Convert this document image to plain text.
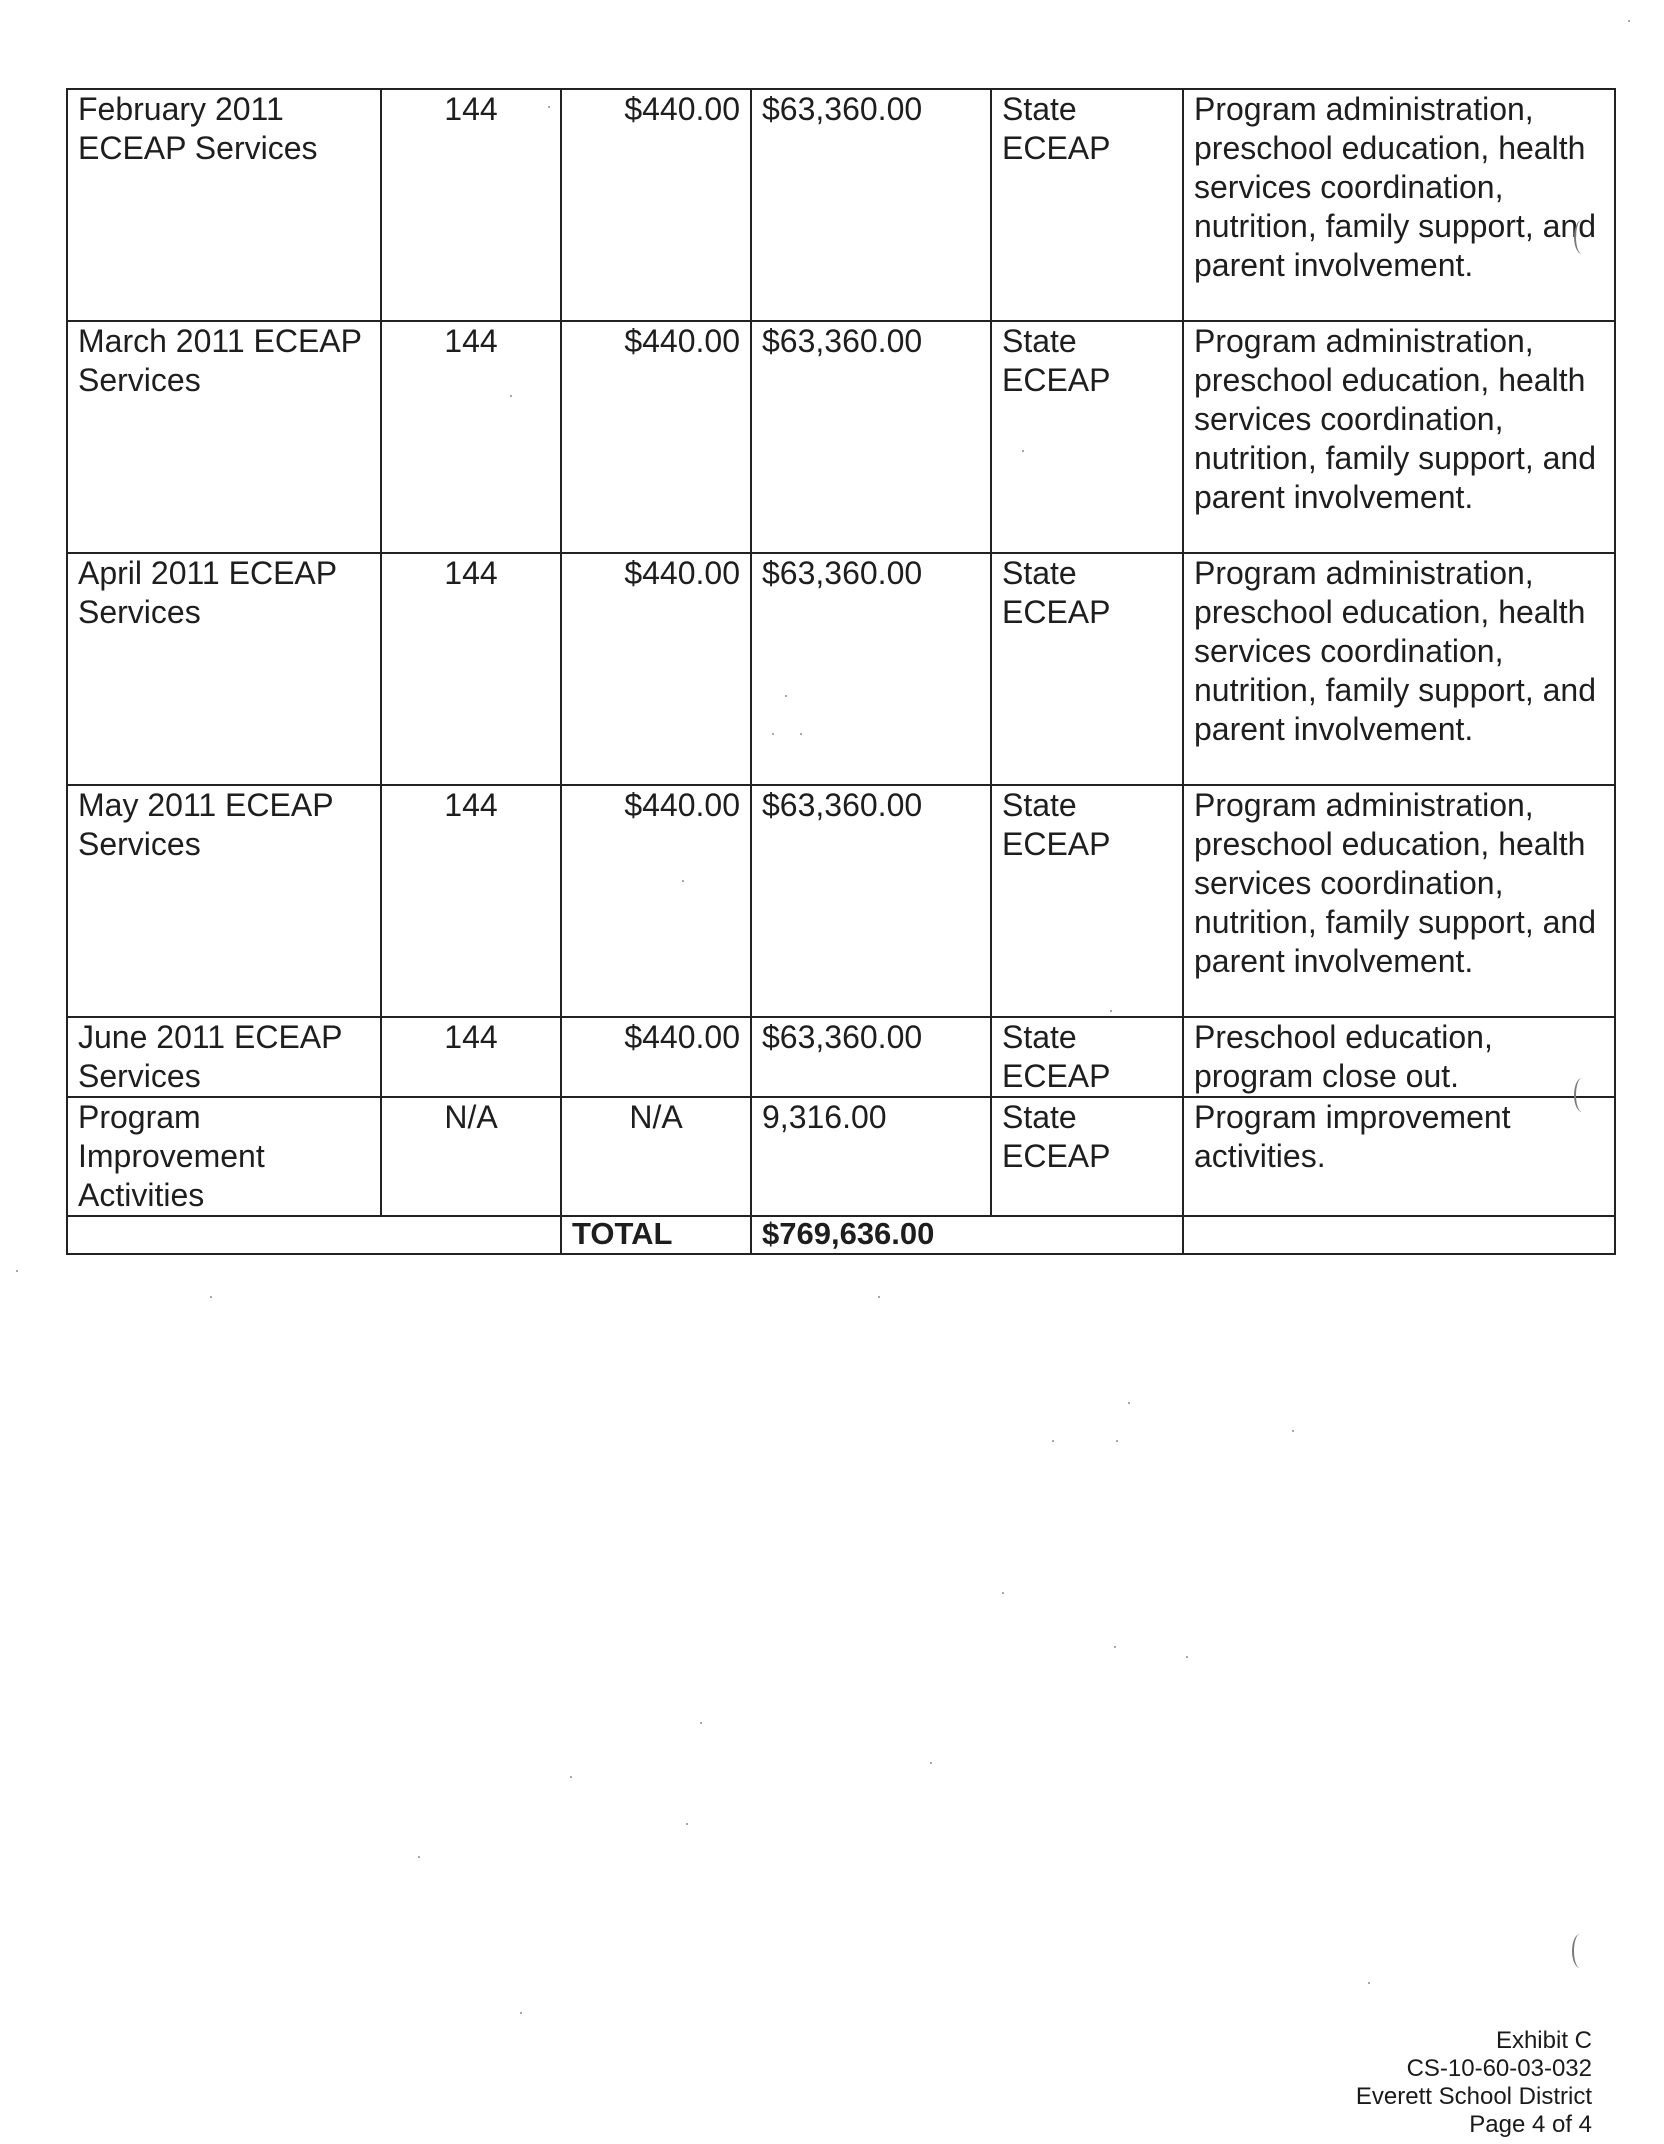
February 2011 ECEAP Services	144	$440.00	$63,360.00	State ECEAP	Program administration, preschool education, health services coordination, nutrition, family support, and parent involvement.
March 2011 ECEAP Services	144	$440.00	$63,360.00	State ECEAP	Program administration, preschool education, health services coordination, nutrition, family support, and parent involvement.
April 2011 ECEAP Services	144	$440.00	$63,360.00	State ECEAP	Program administration, preschool education, health services coordination, nutrition, family support, and parent involvement.
May 2011 ECEAP Services	144	$440.00	$63,360.00	State ECEAP	Program administration, preschool education, health services coordination, nutrition, family support, and parent involvement.
June 2011 ECEAP Services	144	$440.00	$63,360.00	State ECEAP	Preschool education, program close out.
Program Improvement Activities	N/A	N/A	9,316.00	State ECEAP	Program improvement activities.
		TOTAL	$769,636.00		
Exhibit C
CS-10-60-03-032
Everett School District
Page 4 of 4
